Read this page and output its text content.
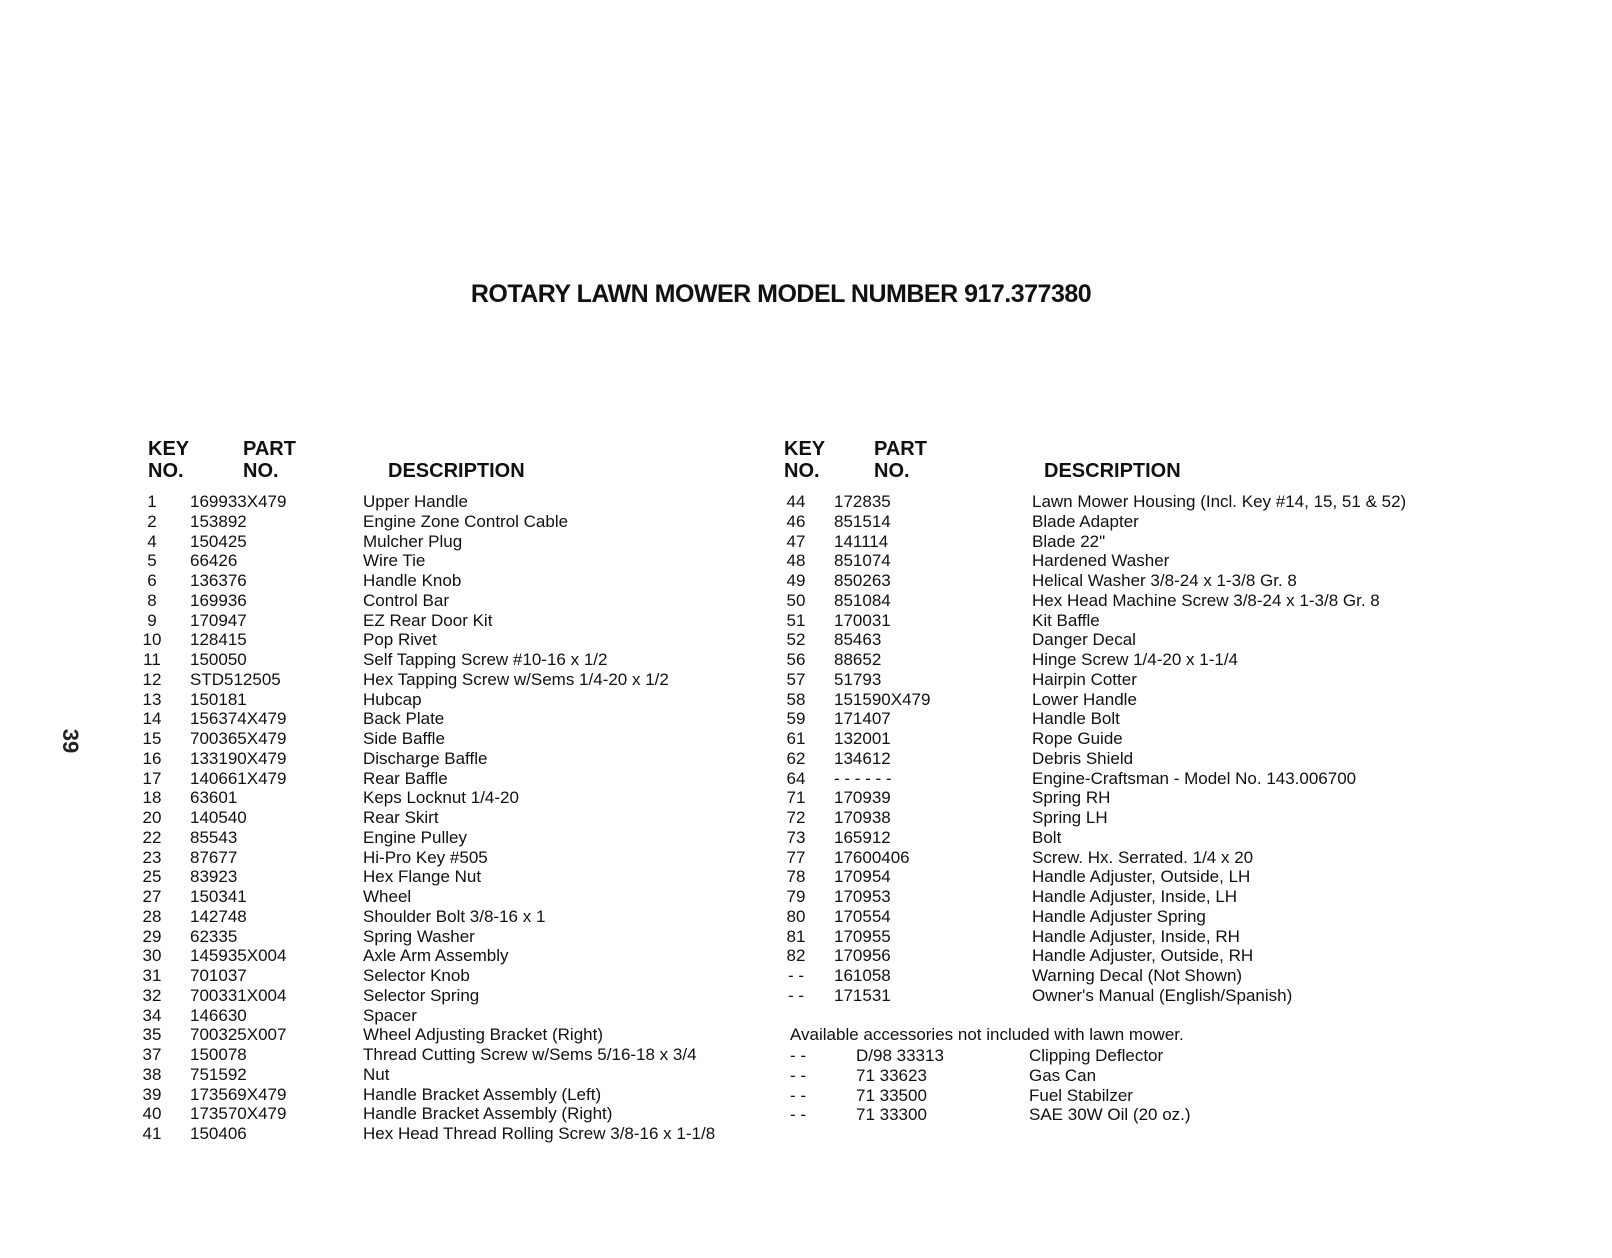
ROTARY LAWN MOWER MODEL NUMBER 917.377380
39
KEY
NO.
PART
NO.	DESCRIPTION
1	169933X479	Upper Handle
2	153892	Engine Zone Control Cable
4	150425	Mulcher Plug
5	66426	Wire Tie
6	136376	Handle Knob
8	169936	Control Bar
9	170947	EZ Rear Door Kit
10 128415	Pop Rivet
11	150050	Self Tapping Screw #10-16 x 1/2
12 STD512505	Hex Tapping Screw w/Sems 1/4-20 x 1/2
13 150181	Hubcap
14 156374X479	Back Plate
15 700365X479	Side Baffle
16 133190X479	Discharge Baffle
17 140661X479	Rear Baffle
18 63601	Keps Locknut 1/4-20
20 140540	Rear Skirt
22 85543	Engine Pulley
23 87677	Hi-Pro Key #505
25 83923	Hex Flange Nut
27 150341	Wheel
28 142748	Shoulder Bolt 3/8-16 x 1
29 62335	Spring Washer
30 145935X004	Axle Arm Assembly
31 701037	Selector Knob
32 700331X004	Selector Spring
34 146630	Spacer
35 700325X007	Wheel Adjusting Bracket (Right)
37 150078	Thread Cutting Screw w/Sems 5/16-18 x 3/4
38 751592	Nut
39 173569X479	Handle Bracket Assembly (Left)
40 173570X479	Handle Bracket Assembly (Right)
41 150406	Hex Head Thread Rolling Screw 3/8-16 x 1-1/8
KEY
NO.
PART
NO.	DESCRIPTION
44 172835	Lawn Mower Housing (Incl. Key #14, 15, 51 & 52)
46 851514	Blade Adapter
47 141114	Blade 22"
48 851074	Hardened Washer
49 850263	Helical Washer 3/8-24 x 1-3/8 Gr. 8
50 851084	Hex Head Machine Screw 3/8-24 x 1-3/8 Gr. 8
51 170031	Kit Baffle
52 85463	Danger Decal
56 88652	Hinge Screw 1/4-20 x 1-1/4
57 51793	Hairpin Cotter
58 151590X479	Lower Handle
59 171407	Handle Bolt
61 132001	Rope Guide
62 134612	Debris Shield
64 - - - - - -	Engine-Craftsman - Model No. 143.006700
71 170939	Spring RH
72 170938	Spring LH
73 165912	Bolt
77 17600406	Screw. Hx. Serrated. 1/4 x 20
78 170954	Handle Adjuster, Outside, LH
79 170953	Handle Adjuster, Inside, LH
80 170554	Handle Adjuster Spring
81 170955	Handle Adjuster, Inside, RH
82 170956	Handle Adjuster, Outside, RH
- -	161058	Warning Decal (Not Shown)
- -	171531	Owner's Manual (English/Spanish)
Available accessories not included with lawn mower.
- -	D/98 33313	Clipping Deflector
- -	71 33623	Gas Can
- -	71 33500	Fuel Stabilzer
- -	71 33300	SAE 30W Oil (20 oz.)
